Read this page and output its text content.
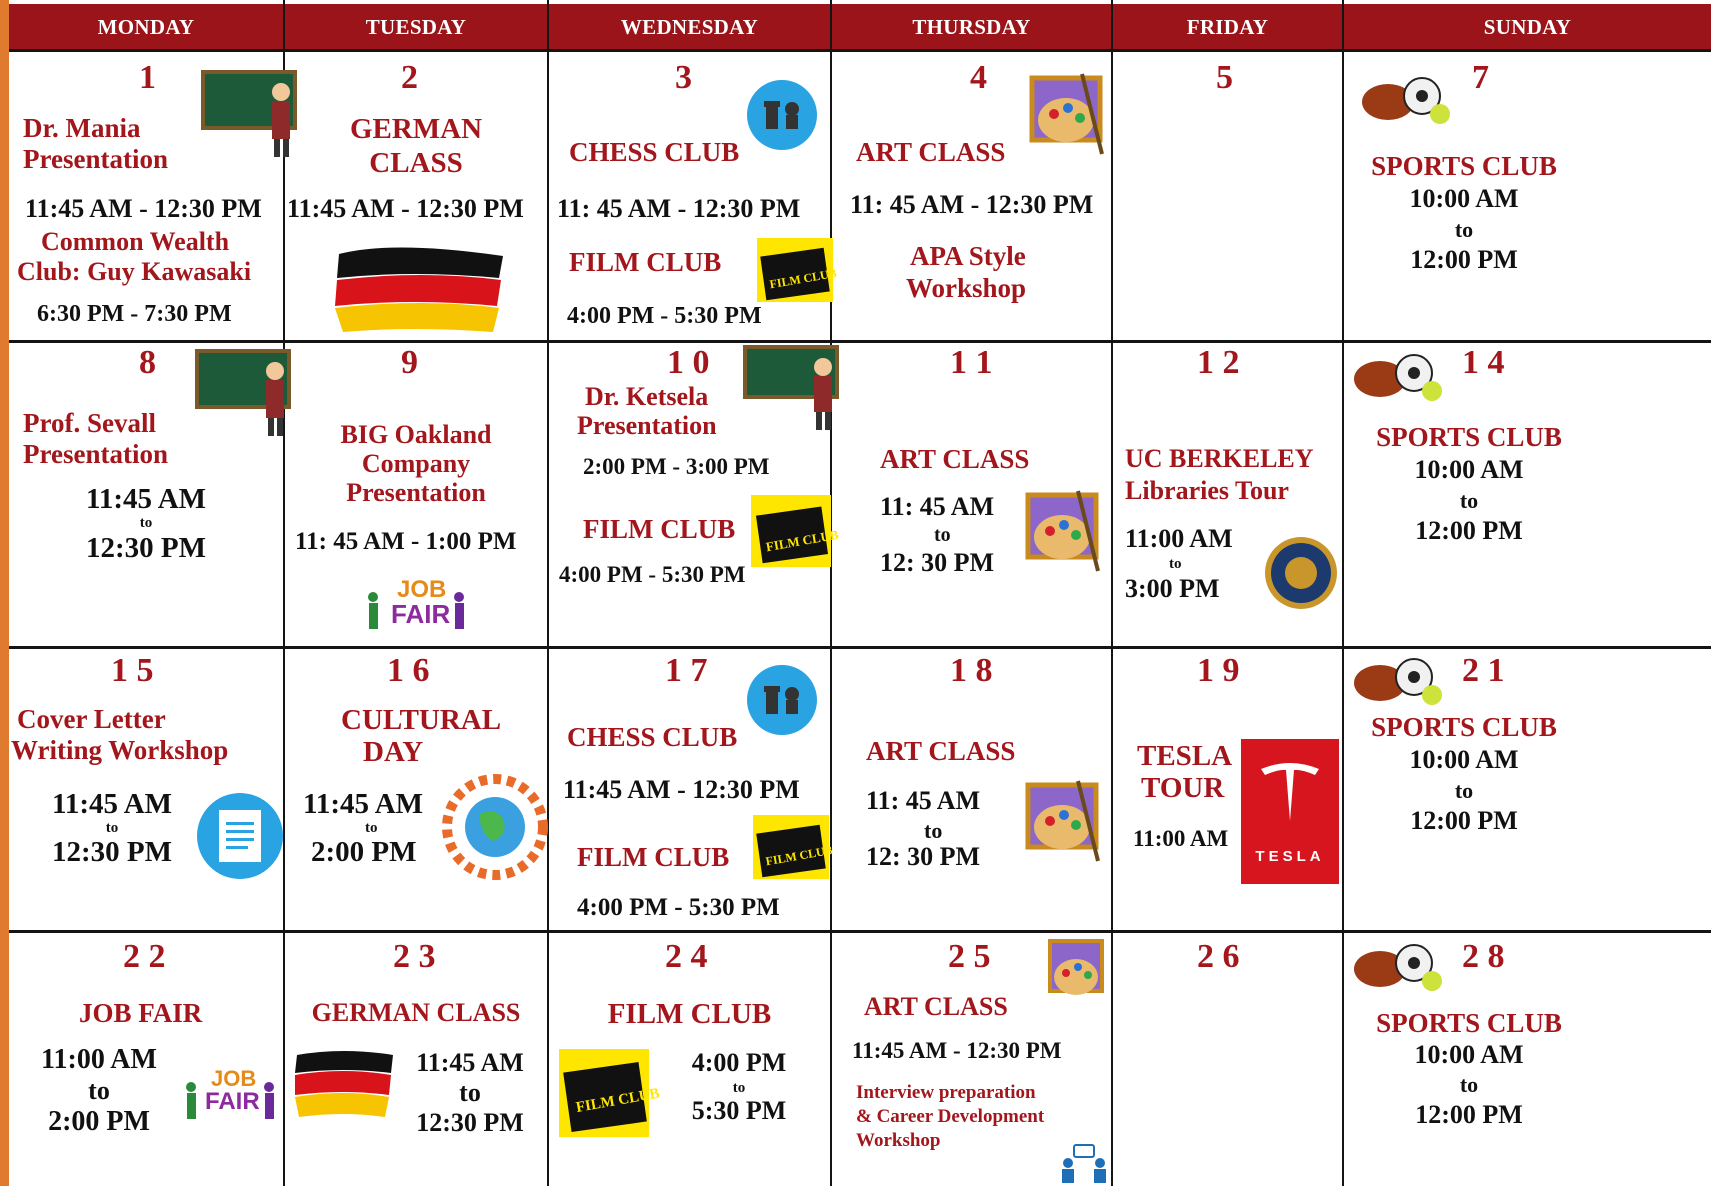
MONDAY	TUESDAY	WEDNESDAY	THURSDAY	FRIDAY	SUNDAY
1
Dr. Mania
Presentation
11:45 AM - 12:30 PM
Common Wealth
Club: Guy Kawasaki
6:30 PM - 7:30 PM
2
GERMAN
CLASS
11:45 AM - 12:30 PM
3
CHESS CLUB
11: 45 AM - 12:30 PM
FILM CLUB
FILM CLUB
4:00 PM - 5:30 PM
4
ART CLASS
11: 45 AM - 12:30 PM
APA Style
Workshop
5	7
SPORTS CLUB
10:00 AM
to
12:00 PM
8
Prof. Sevall
Presentation
11:45 AM
to
12:30 PM
9
BIG Oakland
Company
Presentation
11: 45 AM - 1:00 PM
JOB
FAIR
1 0
Dr. Ketsela
Presentation
2:00 PM - 3:00 PM
FILM CLUB FILM CLUB
4:00 PM - 5:30 PM
1 1
ART CLASS
11: 45 AM
to
12: 30 PM
1 2
UC BERKELEY
Libraries Tour
11:00 AM
to
3:00 PM
1 4
SPORTS CLUB
10:00 AM
to
12:00 PM
1 5
Cover Letter
Writing Workshop
11:45 AM
to
12:30 PM
1 6
CULTURAL
DAY
11:45 AM
to
2:00 PM
1 7
CHESS CLUB
11:45 AM - 12:30 PM
FILM CLUB	FILM CLUB
4:00 PM - 5:30 PM
1 8
ART CLASS
11: 45 AM
to
12: 30 PM
1 9
TESLA
TOUR
11:00 AM
TESLA
2 1
SPORTS CLUB
10:00 AM
to
12:00 PM
2 2
JOB FAIR
11:00 AM
to
2:00 PM
JOB
FAIR
2 3
GERMAN CLASS
11:45 AM
to
12:30 PM
2 4
FILM CLUB
FILM CLUB
4:00 PM
to
5:30 PM
2 5
ART CLASS
11:45 AM - 12:30 PM
Interview preparation
& Career Development
Workshop
2 6	2 8
SPORTS CLUB
10:00 AM
to
12:00 PM
